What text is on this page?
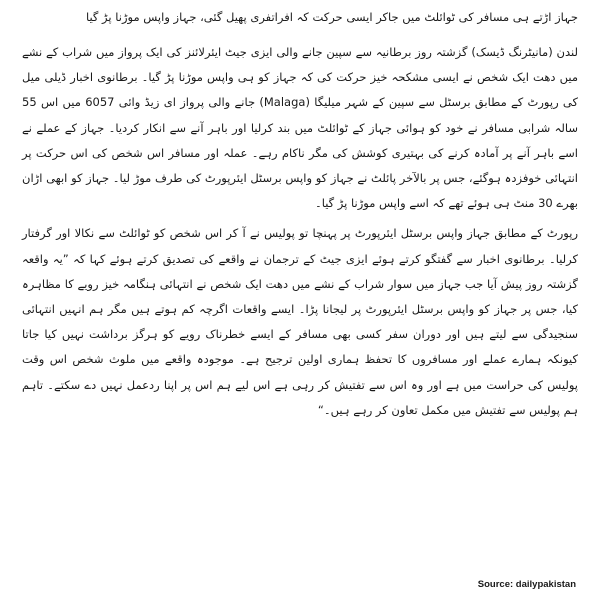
جہاز اڑتے ہی مسافر کی ٹوائلٹ میں جاکر ایسی حرکت کہ افراتفری پھیل گئی، جہاز واپس موڑنا پڑ گیا

لندن (مانیٹرنگ ڈیسک) گزشتہ روز برطانیہ سے سپین جانے والی ایزی جیٹ ایئرلائنز کی ایک پرواز میں شراب کے نشے میں دھت ایک شخص نے ایسی مشکحہ خیز حرکت کی کہ جہاز کو ہی واپس موڑنا پڑ گیا۔ برطانوی اخبار ڈیلی میل کی رپورٹ کے مطابق برسٹل سے سپین کے شہر میلیگا (Malaga) جانے والی پرواز ای زیڈ وائی 6057 میں اس 55 سالہ شرابی مسافر نے خود کو ہوائی جہاز کے ٹوائلٹ میں بند کرلیا اور باہر آنے سے انکار کردیا۔ جہاز کے عملے نے اسے باہر آنے پر آمادہ کرنے کی بہتیری کوشش کی مگر ناکام رہے۔ عملہ اور مسافر اس شخص کی اس حرکت پر انتہائی خوفزدہ ہوگئے، جس پر بالآخر پائلٹ نے جہاز کو واپس برسٹل ایئرپورٹ کی طرف موڑ لیا۔ جہاز کو ابھی اڑان بھرے 30 منٹ ہی ہوئے تھے کہ اسے واپس موڑنا پڑ گیا۔

رپورٹ کے مطابق جہاز واپس برسٹل ایئرپورٹ پر پہنچا تو پولیس نے آ کر اس شخص کو ٹوائلٹ سے نکالا اور گرفتار کرلیا۔ برطانوی اخبار سے گفتگو کرتے ہوئے ایزی جیٹ کے ترجمان نے واقعے کی تصدیق کرتے ہوئے کہا کہ ”یہ واقعہ گزشتہ روز پیش آیا جب جہاز میں سوار شراب کے نشے میں دھت ایک شخص نے انتہائی ہنگامہ خیز رویے کا مظاہرہ کیا، جس پر جہاز کو واپس برسٹل ایئرپورٹ پر لیجانا پڑا۔ ایسے واقعات اگرچہ کم ہوتے ہیں مگر ہم انہیں انتہائی سنجیدگی سے لیتے ہیں اور دوران سفر کسی بھی مسافر کے ایسے خطرناک رویے کو ہرگز برداشت نہیں کیا جاتا کیونکہ ہمارے عملے اور مسافروں کا تحفظ ہماری اولین ترجیح ہے۔ موجودہ واقعے میں ملوث شخص اس وقت پولیس کی حراست میں ہے اور وہ اس سے تفتیش کر رہی ہے اس لیے ہم اس پر اپنا ردعمل نہیں دے سکتے۔ تاہم ہم پولیس سے تفتیش میں مکمل تعاون کر رہے ہیں۔“

Source: dailypakistan
